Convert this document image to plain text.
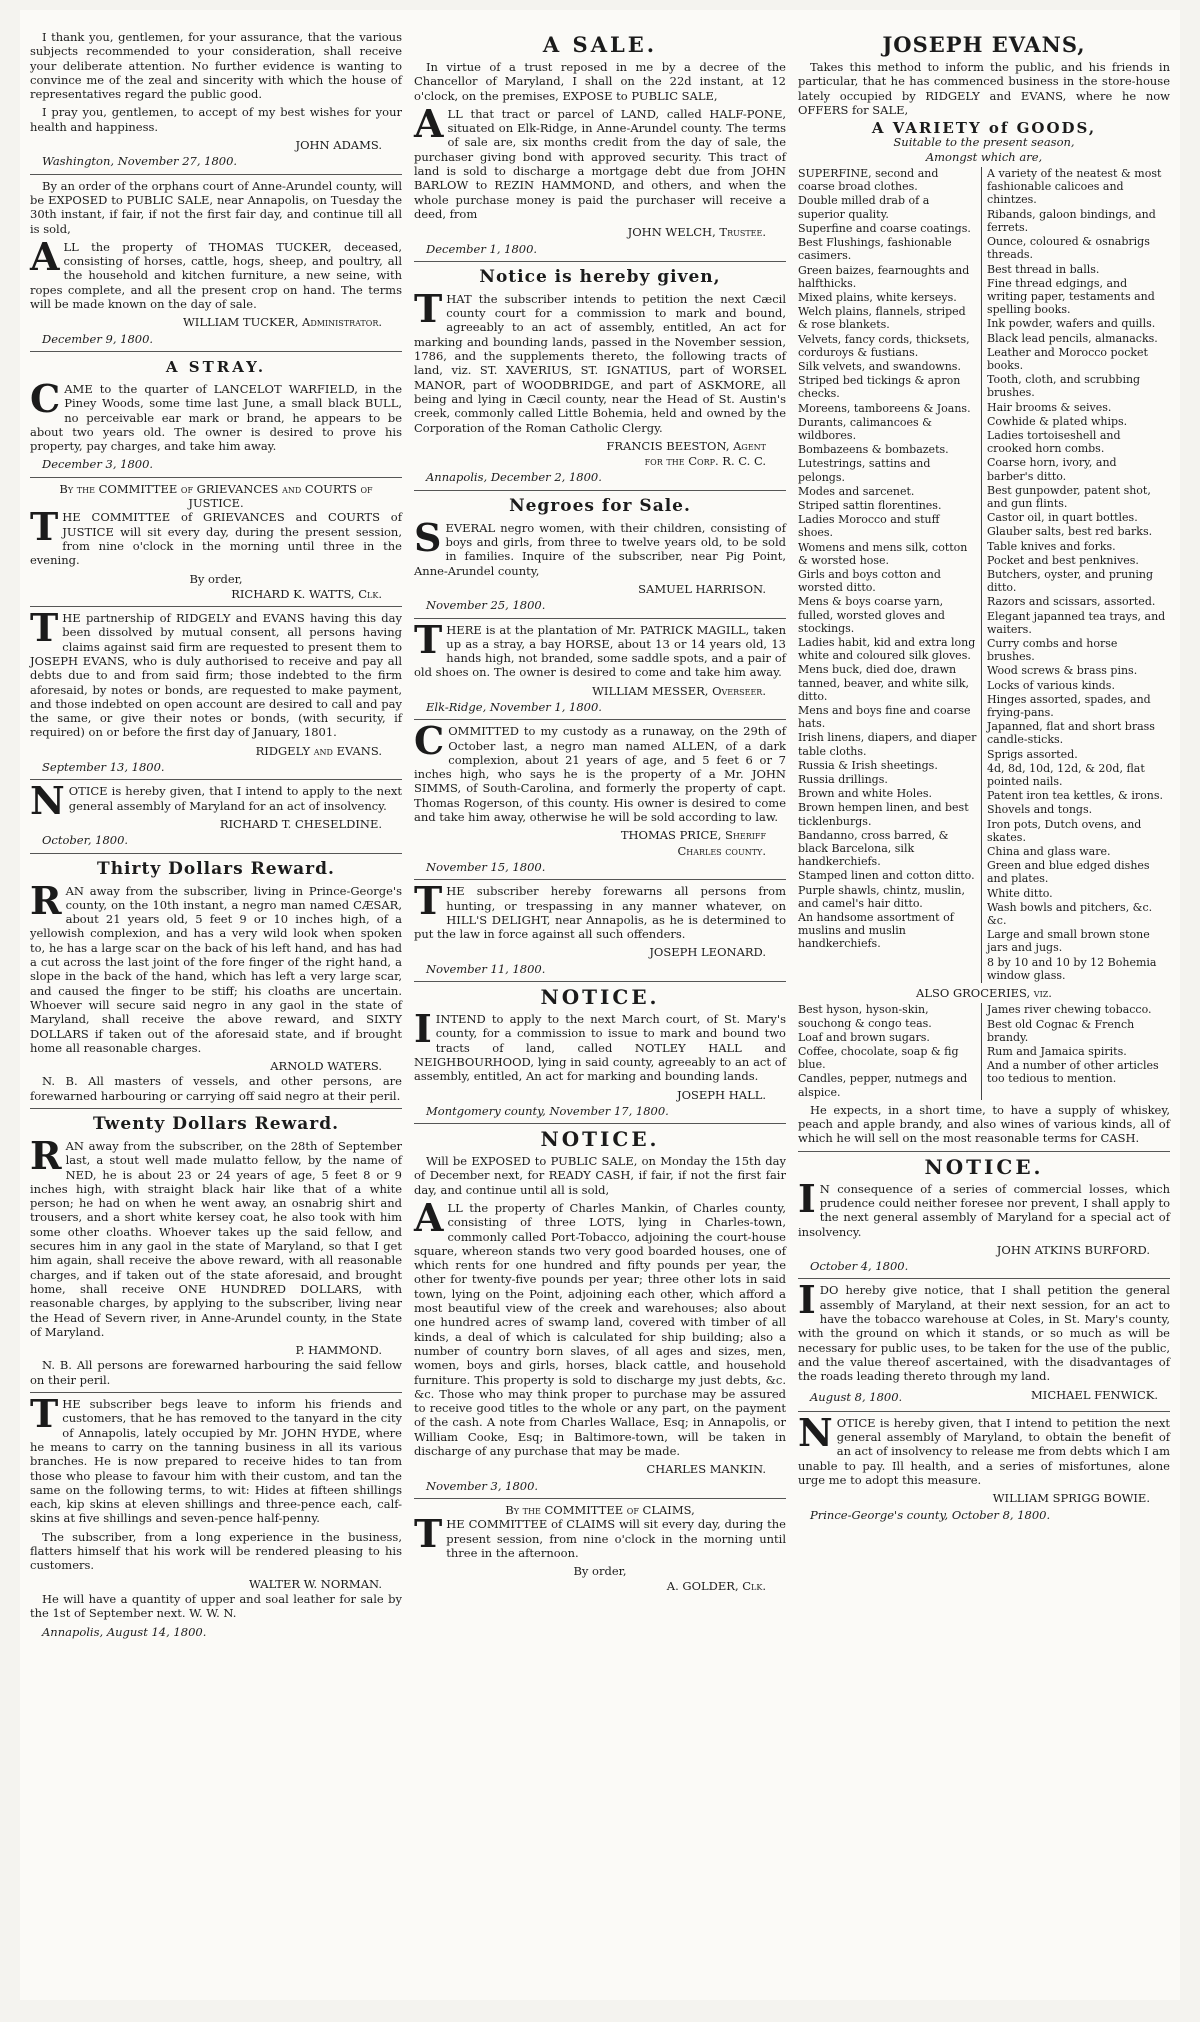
I thank you, gentlemen, for your assurance, that the various subjects recommended to your consideration, shall receive your deliberate attention. No further evidence is wanting to convince me of the zeal and sincerity with which the house of representatives regard the public good.

I pray you, gentlemen, to accept of my best wishes for your health and happiness.

JOHN ADAMS.
Washington, November 27, 1800.

By an order of the orphans court of Anne-Arundel county, will be EXPOSED to PUBLIC SALE, near Annapolis, on Tuesday the 30th instant, if fair, if not the first fair day, and continue till all is sold,

ALL the property of THOMAS TUCKER, deceased, consisting of horses, cattle, hogs, sheep, and poultry, all the household and kitchen furniture, a new seine, with ropes complete, and all the present crop on hand. The terms will be made known on the day of sale.

WILLIAM TUCKER, Administrator.
December 9, 1800.
A STRAY.

CAME to the quarter of LANCELOT WARFIELD, in the Piney Woods, some time last June, a small black BULL, no perceivable ear mark or brand, he appears to be about two years old. The owner is desired to prove his property, pay charges, and take him away.

December 3, 1800.
By the COMMITTEE of GRIEVANCES and COURTS of JUSTICE.

THE COMMITTEE of GRIEVANCES and COURTS of JUSTICE will sit every day, during the present session, from nine o'clock in the morning until three in the evening.

By order,
RICHARD K. WATTS, Clk.

THE partnership of RIDGELY and EVANS having this day been dissolved by mutual consent, all persons having claims against said firm are requested to present them to JOSEPH EVANS, who is duly authorised to receive and pay all debts due to and from said firm; those indebted to the firm aforesaid, by notes or bonds, are requested to make payment, and those indebted on open account are desired to call and pay the same, or give their notes or bonds, (with security, if required) on or before the first day of January, 1801.

RIDGELY and EVANS.
September 13, 1800.

NOTICE is hereby given, that I intend to apply to the next general assembly of Maryland for an act of insolvency.

RICHARD T. CHESELDINE.
October, 1800.
Thirty Dollars Reward.

RAN away from the subscriber, living in Prince-George's county, on the 10th instant, a negro man named CÆSAR, about 21 years old, 5 feet 9 or 10 inches high, of a yellowish complexion, and has a very wild look when spoken to, he has a large scar on the back of his left hand, and has had a cut across the last joint of the fore finger of the right hand, a slope in the back of the hand, which has left a very large scar, and caused the finger to be stiff; his cloaths are uncertain. Whoever will secure said negro in any gaol in the state of Maryland, shall receive the above reward, and SIXTY DOLLARS if taken out of the aforesaid state, and if brought home all reasonable charges.

ARNOLD WATERS.

N. B. All masters of vessels, and other persons, are forewarned harbouring or carrying off said negro at their peril.

Twenty Dollars Reward.

RAN away from the subscriber, on the 28th of September last, a stout well made mulatto fellow, by the name of NED, he is about 23 or 24 years of age, 5 feet 8 or 9 inches high, with straight black hair like that of a white person; he had on when he went away, an osnabrig shirt and trousers, and a short white kersey coat, he also took with him some other cloaths. Whoever takes up the said fellow, and secures him in any gaol in the state of Maryland, so that I get him again, shall receive the above reward, with all reasonable charges, and if taken out of the state aforesaid, and brought home, shall receive ONE HUNDRED DOLLARS, with reasonable charges, by applying to the subscriber, living near the Head of Severn river, in Anne-Arundel county, in the State of Maryland.

P. HAMMOND.

N. B. All persons are forewarned harbouring the said fellow on their peril.

THE subscriber begs leave to inform his friends and customers, that he has removed to the tanyard in the city of Annapolis, lately occupied by Mr. JOHN HYDE, where he means to carry on the tanning business in all its various branches. He is now prepared to receive hides to tan from those who please to favour him with their custom, and tan the same on the following terms, to wit: Hides at fifteen shillings each, kip skins at eleven shillings and three-pence each, calf-skins at five shillings and seven-pence half-penny.

The subscriber, from a long experience in the business, flatters himself that his work will be rendered pleasing to his customers.

WALTER W. NORMAN.

He will have a quantity of upper and soal leather for sale by the 1st of September next. W. W. N.

Annapolis, August 14, 1800.
A SALE.

In virtue of a trust reposed in me by a decree of the Chancellor of Maryland, I shall on the 22d instant, at 12 o'clock, on the premises, EXPOSE to PUBLIC SALE,

ALL that tract or parcel of LAND, called HALF-PONE, situated on Elk-Ridge, in Anne-Arundel county. The terms of sale are, six months credit from the day of sale, the purchaser giving bond with approved security. This tract of land is sold to discharge a mortgage debt due from JOHN BARLOW to REZIN HAMMOND, and others, and when the whole purchase money is paid the purchaser will receive a deed, from

JOHN WELCH, Trustee.
December 1, 1800.
Notice is hereby given,

THAT the subscriber intends to petition the next Cæcil county court for a commission to mark and bound, agreeably to an act of assembly, entitled, An act for marking and bounding lands, passed in the November session, 1786, and the supplements thereto, the following tracts of land, viz. ST. XAVERIUS, ST. IGNATIUS, part of WORSEL MANOR, part of WOODBRIDGE, and part of ASKMORE, all being and lying in Cæcil county, near the Head of St. Austin's creek, commonly called Little Bohemia, held and owned by the Corporation of the Roman Catholic Clergy.

FRANCIS BEESTON, Agent
for the Corp. R. C. C.
Annapolis, December 2, 1800.
Negroes for Sale.

SEVERAL negro women, with their children, consisting of boys and girls, from three to twelve years old, to be sold in families. Inquire of the subscriber, near Pig Point, Anne-Arundel county,

SAMUEL HARRISON.
November 25, 1800.

THERE is at the plantation of Mr. PATRICK MAGILL, taken up as a stray, a bay HORSE, about 13 or 14 years old, 13 hands high, not branded, some saddle spots, and a pair of old shoes on. The owner is desired to come and take him away.

WILLIAM MESSER, Overseer.
Elk-Ridge, November 1, 1800.

COMMITTED to my custody as a runaway, on the 29th of October last, a negro man named ALLEN, of a dark complexion, about 21 years of age, and 5 feet 6 or 7 inches high, who says he is the property of a Mr. JOHN SIMMS, of South-Carolina, and formerly the property of capt. Thomas Rogerson, of this county. His owner is desired to come and take him away, otherwise he will be sold according to law.

THOMAS PRICE, Sheriff
Charles county.
November 15, 1800.

THE subscriber hereby forewarns all persons from hunting, or trespassing in any manner whatever, on HILL'S DELIGHT, near Annapolis, as he is determined to put the law in force against all such offenders.

JOSEPH LEONARD.
November 11, 1800.
NOTICE.

IINTEND to apply to the next March court, of St. Mary's county, for a commission to issue to mark and bound two tracts of land, called NOTLEY HALL and NEIGHBOURHOOD, lying in said county, agreeably to an act of assembly, entitled, An act for marking and bounding lands.

JOSEPH HALL.
Montgomery county, November 17, 1800.
NOTICE.

Will be EXPOSED to PUBLIC SALE, on Monday the 15th day of December next, for READY CASH, if fair, if not the first fair day, and continue until all is sold,

ALL the property of Charles Mankin, of Charles county, consisting of three LOTS, lying in Charles-town, commonly called Port-Tobacco, adjoining the court-house square, whereon stands two very good boarded houses, one of which rents for one hundred and fifty pounds per year, the other for twenty-five pounds per year; three other lots in said town, lying on the Point, adjoining each other, which afford a most beautiful view of the creek and warehouses; also about one hundred acres of swamp land, covered with timber of all kinds, a deal of which is calculated for ship building; also a number of country born slaves, of all ages and sizes, men, women, boys and girls, horses, black cattle, and household furniture. This property is sold to discharge my just debts, &c. &c. Those who may think proper to purchase may be assured to receive good titles to the whole or any part, on the payment of the cash. A note from Charles Wallace, Esq; in Annapolis, or William Cooke, Esq; in Baltimore-town, will be taken in discharge of any purchase that may be made.

CHARLES MANKIN.
November 3, 1800.
By the COMMITTEE of CLAIMS,

THE COMMITTEE of CLAIMS will sit every day, during the present session, from nine o'clock in the morning until three in the afternoon.

By order,
A. GOLDER, Clk.
JOSEPH EVANS,

Takes this method to inform the public, and his friends in particular, that he has commenced business in the store-house lately occupied by RIDGELY and EVANS, where he now OFFERS for SALE,

A VARIETY of GOODS,
Suitable to the present season,
Amongst which are,
SUPERFINE, second and coarse broad clothes.
Double milled drab of a superior quality.
Superfine and coarse coatings.
Best Flushings, fashionable casimers.
Green baizes, fearnoughts and halfthicks.
Mixed plains, white kerseys.
Welch plains, flannels, striped & rose blankets.
Velvets, fancy cords, thicksets, corduroys & fustians.
Silk velvets, and swandowns.
Striped bed tickings & apron checks.
Moreens, tamboreens & Joans.
Durants, calimancoes & wildbores.
Bombazeens & bombazets.
Lutestrings, sattins and pelongs.
Modes and sarcenet.
Striped sattin florentines.
Ladies Morocco and stuff shoes.
Womens and mens silk, cotton & worsted hose.
Girls and boys cotton and worsted ditto.
Mens & boys coarse yarn, fulled, worsted gloves and stockings.
Ladies habit, kid and extra long white and coloured silk gloves.
Mens buck, died doe, drawn tanned, beaver, and white silk, ditto.
Mens and boys fine and coarse hats.
Irish linens, diapers, and diaper table cloths.
Russia & Irish sheetings.
Russia drillings.
Brown and white Holes.
Brown hempen linen, and best ticklenburgs.
Bandanno, cross barred, & black Barcelona, silk handkerchiefs.
Stamped linen and cotton ditto.
Purple shawls, chintz, muslin, and camel's hair ditto.
An handsome assortment of muslins and muslin handkerchiefs.
A variety of the neatest & most fashionable calicoes and chintzes.
Ribands, galoon bindings, and ferrets.
Ounce, coloured & osnabrigs threads.
Best thread in balls.
Fine thread edgings, and writing paper, testaments and spelling books.
Ink powder, wafers and quills.
Black lead pencils, almanacks.
Leather and Morocco pocket books.
Tooth, cloth, and scrubbing brushes.
Hair brooms & seives.
Cowhide & plated whips.
Ladies tortoiseshell and crooked horn combs.
Coarse horn, ivory, and barber's ditto.
Best gunpowder, patent shot, and gun flints.
Castor oil, in quart bottles.
Glauber salts, best red barks.
Table knives and forks.
Pocket and best penknives.
Butchers, oyster, and pruning ditto.
Razors and scissars, assorted.
Elegant japanned tea trays, and waiters.
Curry combs and horse brushes.
Wood screws & brass pins.
Locks of various kinds.
Hinges assorted, spades, and frying-pans.
Japanned, flat and short brass candle-sticks.
Sprigs assorted.
4d, 8d, 10d, 12d, & 20d, flat pointed nails.
Patent iron tea kettles, & irons.
Shovels and tongs.
Iron pots, Dutch ovens, and skates.
China and glass ware.
Green and blue edged dishes and plates.
White ditto.
Wash bowls and pitchers, &c. &c.
Large and small brown stone jars and jugs.
8 by 10 and 10 by 12 Bohemia window glass.
ALSO GROCERIES, viz.
Best hyson, hyson-skin, souchong & congo teas.
Loaf and brown sugars.
Coffee, chocolate, soap & fig blue.
Candles, pepper, nutmegs and alspice.
James river chewing tobacco.
Best old Cognac & French brandy.
Rum and Jamaica spirits.
And a number of other articles too tedious to mention.

He expects, in a short time, to have a supply of whiskey, peach and apple brandy, and also wines of various kinds, all of which he will sell on the most reasonable terms for CASH.

NOTICE.

I N consequence of a series of commercial losses, which prudence could neither foresee nor prevent, I shall apply to the next general assembly of Maryland for a special act of insolvency.

JOHN ATKINS BURFORD.
October 4, 1800.

IDO hereby give notice, that I shall petition the general assembly of Maryland, at their next session, for an act to have the tobacco warehouse at Coles, in St. Mary's county, with the ground on which it stands, or so much as will be necessary for public uses, to be taken for the use of the public, and the value thereof ascertained, with the disadvantages of the roads leading thereto through my land.

August 8, 1800.	MICHAEL FENWICK.

NOTICE is hereby given, that I intend to petition the next general assembly of Maryland, to obtain the benefit of an act of insolvency to release me from debts which I am unable to pay. Ill health, and a series of misfortunes, alone urge me to adopt this measure.

WILLIAM SPRIGG BOWIE.
Prince-George's county, October 8, 1800.
